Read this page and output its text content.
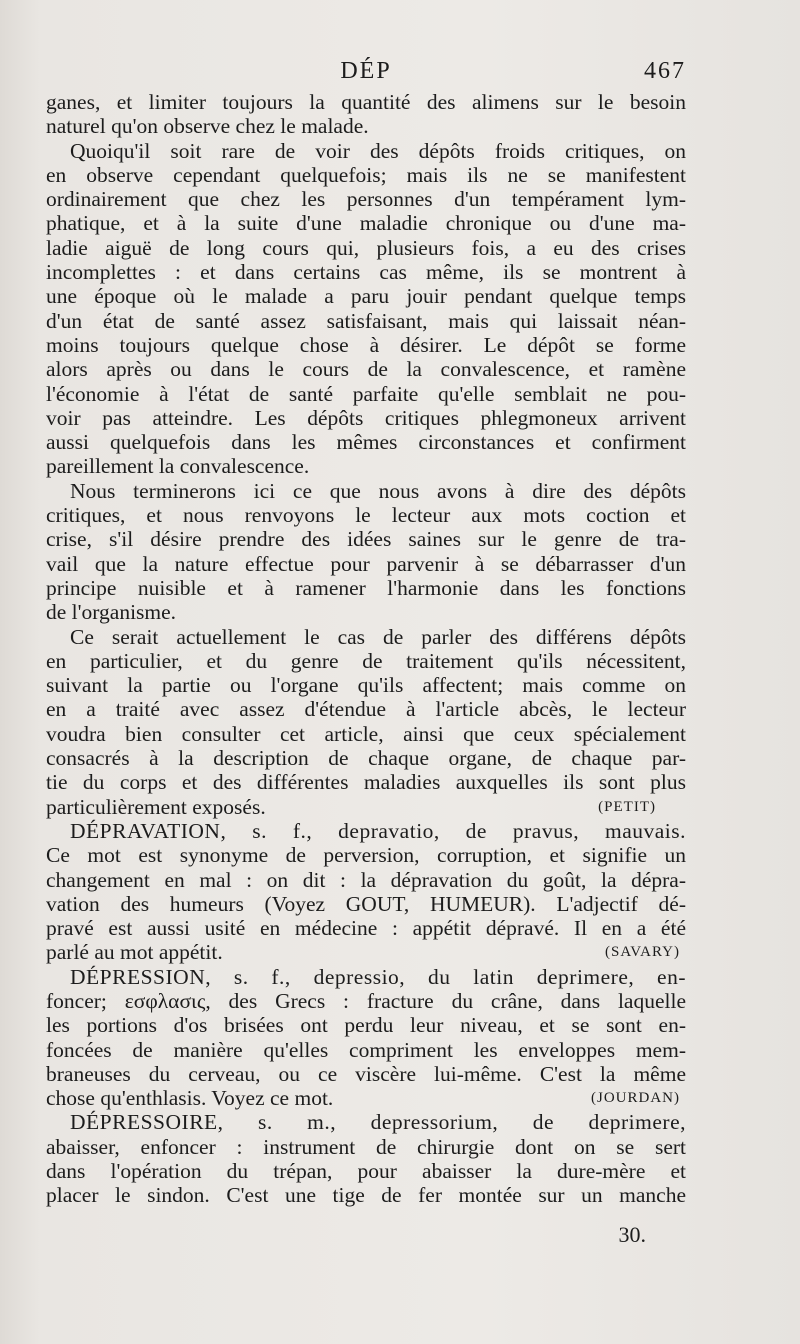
DÉP	467
ganes, et limiter toujours la quantité des alimens sur le besoin
naturel qu'on observe chez le malade.
Quoiqu'il soit rare de voir des dépôts froids critiques, on
en observe cependant quelquefois; mais ils ne se manifestent
ordinairement que chez les personnes d'un tempérament lym-
phatique, et à la suite d'une maladie chronique ou d'une ma-
ladie aiguë de long cours qui, plusieurs fois, a eu des crises
incomplettes : et dans certains cas même, ils se montrent à
une époque où le malade a paru jouir pendant quelque temps
d'un état de santé assez satisfaisant, mais qui laissait néan-
moins toujours quelque chose à désirer. Le dépôt se forme
alors après ou dans le cours de la convalescence, et ramène
l'économie à l'état de santé parfaite qu'elle semblait ne pou-
voir pas atteindre. Les dépôts critiques phlegmoneux arrivent
aussi quelquefois dans les mêmes circonstances et confirment
pareillement la convalescence.
Nous terminerons ici ce que nous avons à dire des dépôts
critiques, et nous renvoyons le lecteur aux mots coction et
crise, s'il désire prendre des idées saines sur le genre de tra-
vail que la nature effectue pour parvenir à se débarrasser d'un
principe nuisible et à ramener l'harmonie dans les fonctions
de l'organisme.
Ce serait actuellement le cas de parler des différens dépôts
en particulier, et du genre de traitement qu'ils nécessitent,
suivant la partie ou l'organe qu'ils affectent; mais comme on
en a traité avec assez d'étendue à l'article abcès, le lecteur
voudra bien consulter cet article, ainsi que ceux spécialement
consacrés à la description de chaque organe, de chaque par-
tie du corps et des différentes maladies auxquelles ils sont plus
particulièrement exposés.	(PETIT)
DÉPRAVATION, s. f., depravatio, de pravus, mauvais.
Ce mot est synonyme de perversion, corruption, et signifie un
changement en mal : on dit : la dépravation du goût, la dépra-
vation des humeurs (Voyez GOUT, HUMEUR). L'adjectif dé-
pravé est aussi usité en médecine : appétit dépravé. Il en a été
parlé au mot appétit.	(SAVARY)
DÉPRESSION, s. f., depressio, du latin deprimere, en-
foncer; εσφλασις, des Grecs : fracture du crâne, dans laquelle
les portions d'os brisées ont perdu leur niveau, et se sont en-
foncées de manière qu'elles compriment les enveloppes mem-
braneuses du cerveau, ou ce viscère lui-même. C'est la même
chose qu'enthlasis. Voyez ce mot.	(JOURDAN)
DÉPRESSOIRE, s. m., depressorium, de deprimere,
abaisser, enfoncer : instrument de chirurgie dont on se sert
dans l'opération du trépan, pour abaisser la dure-mère et
placer le sindon. C'est une tige de fer montée sur un manche
30.
